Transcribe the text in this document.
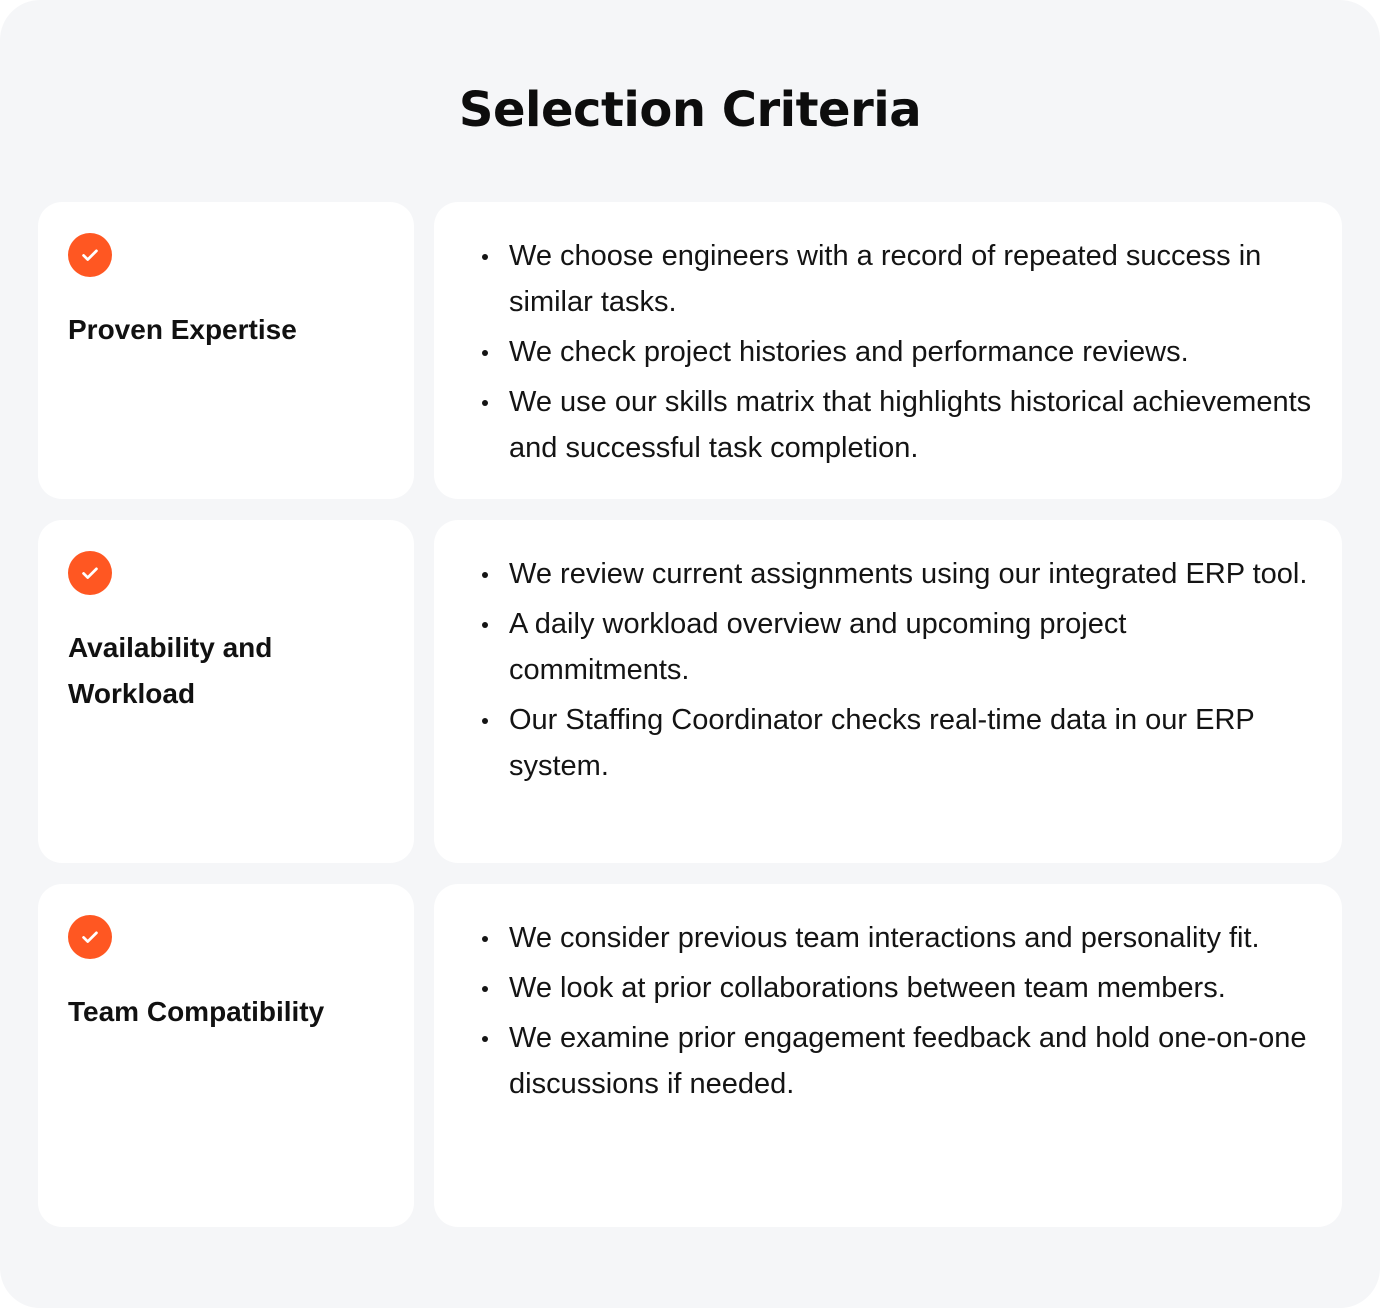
Selection Criteria
Proven Expertise
We choose engineers with a record of repeated success in similar tasks.
We check project histories and performance reviews.
We use our skills matrix that highlights historical achievements and successful task completion.
Availability and Workload
We review current assignments using our integrated ERP tool.
A daily workload overview and upcoming project commitments.
Our Staffing Coordinator checks real-time data in our ERP system.
Team Compatibility
We consider previous team interactions and personality fit.
We look at prior collaborations between team members.
We examine prior engagement feedback and hold one-on-one discussions if needed.
